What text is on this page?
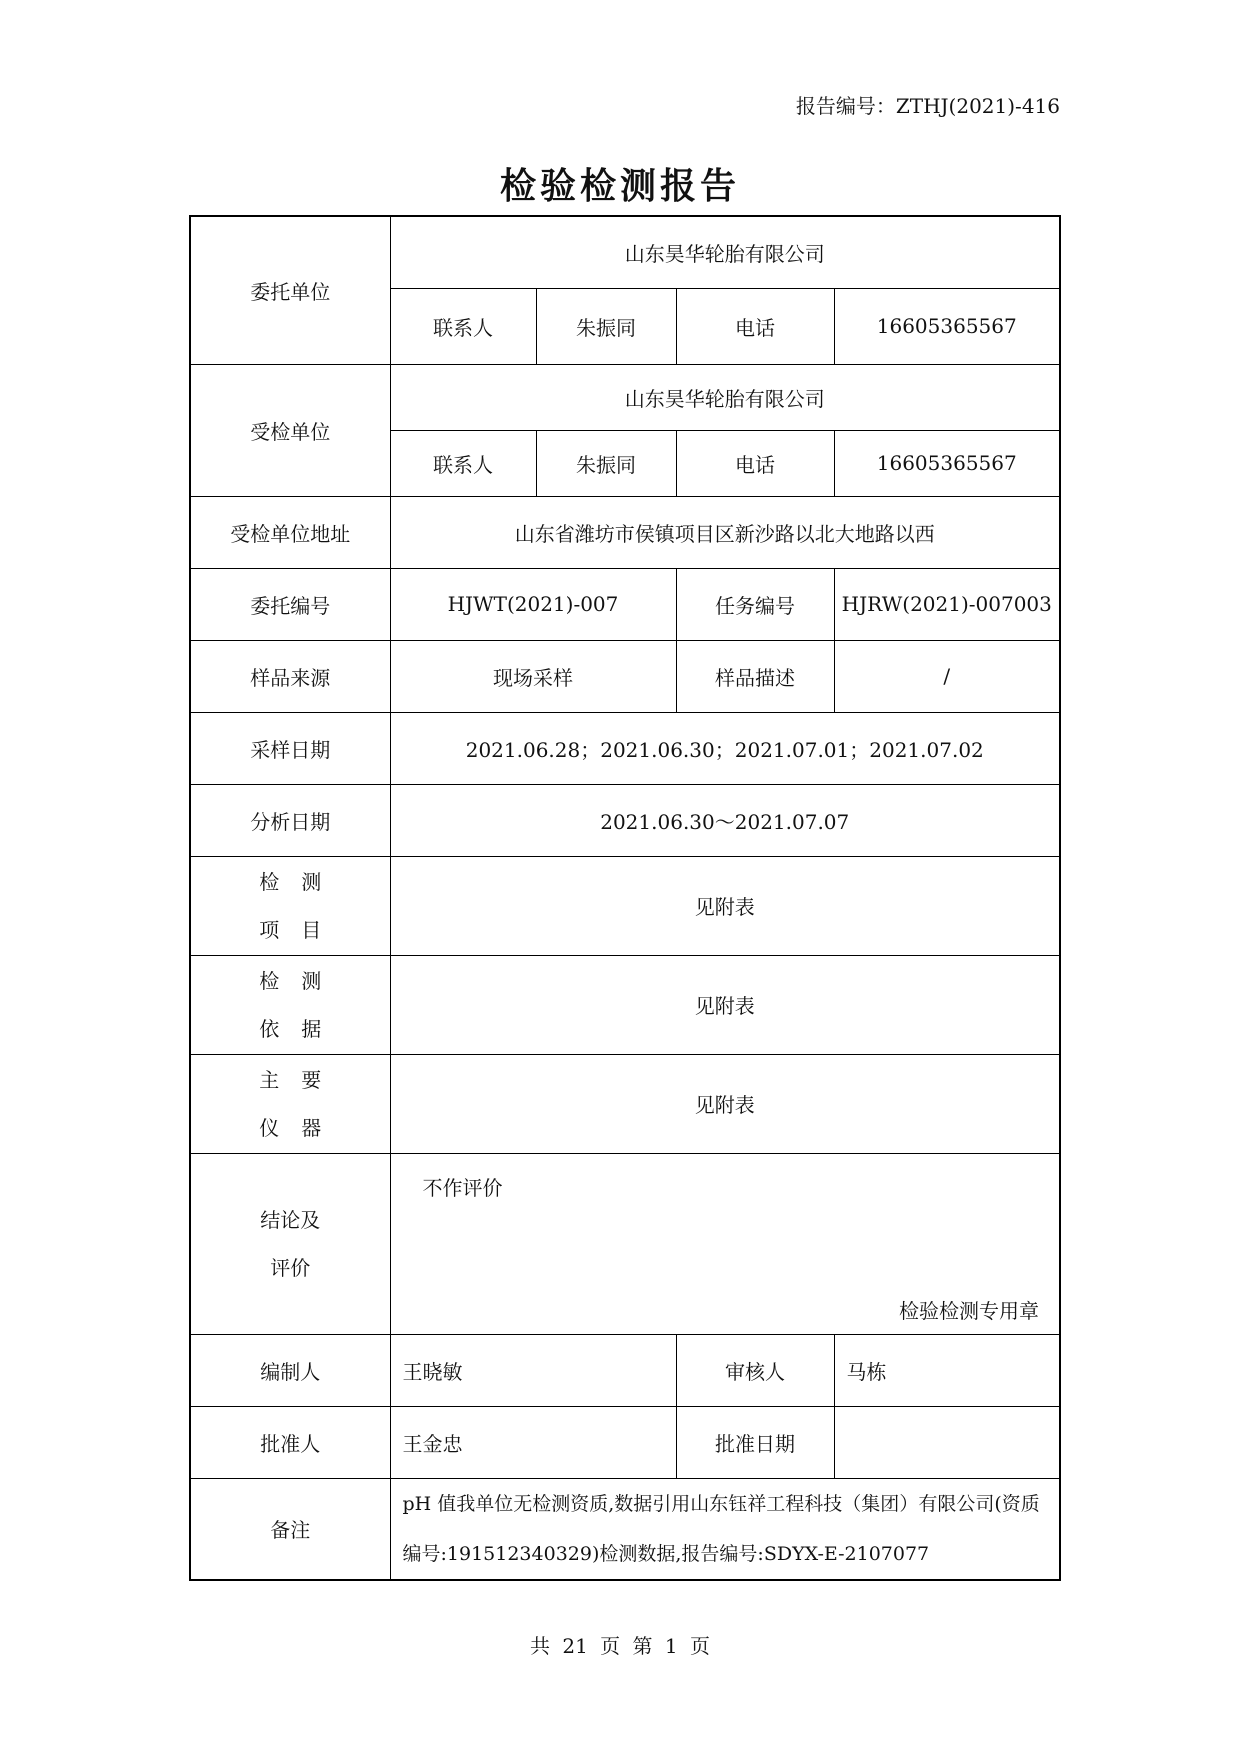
报告编号：ZTHJ(2021)-416
检验检测报告
委托单位	山东昊华轮胎有限公司			
	联系人	朱振同	电话	16605365567
受检单位	山东昊华轮胎有限公司			
	联系人	朱振同	电话	16605365567
受检单位地址	山东省潍坊市侯镇项目区新沙路以北大地路以西			
委托编号	HJWT(2021)-007		任务编号	HJRW(2021)-007003
样品来源	现场采样		样品描述	/
采样日期	2021.06.28；2021.06.30；2021.07.01；2021.07.02			
分析日期	2021.06.30～2021.07.07			

检测
项目	见附表			

检测
依据	见附表			

主要
仪器	见附表			

结论及
评价	不作评价
检验检测专用章			

编制人	王晓敏		审核人	马栋
批准人	王金忠		批准日期	
备注	pH 值我单位无检测资质,数据引用山东钰祥工程科技（集团）有限公司(资质编号:191512340329)检测数据,报告编号:SDYX-E-2107077			
共 21 页 第 1 页
